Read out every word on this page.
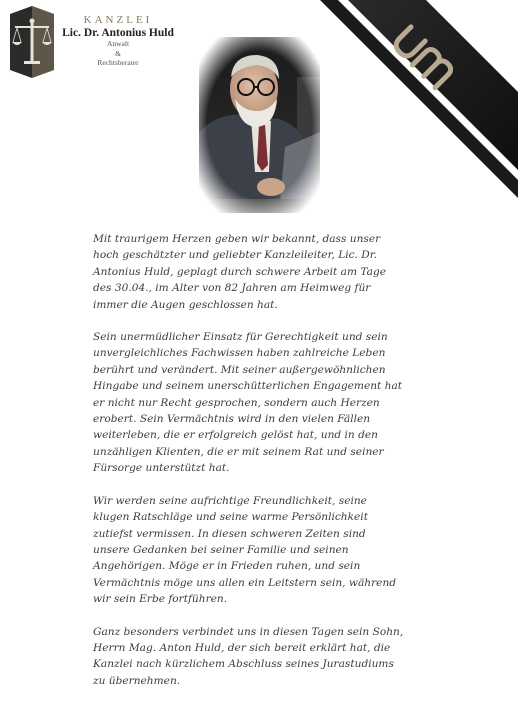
KANZLEI
Lic. Dr. Antonius Huld
Anwalt
&
Rechtsberater

Mit traurigem Herzen geben wir bekannt, dass unser hoch geschätzter und geliebter Kanzleileiter, Lic. Dr. Antonius Huld, geplagt durch schwere Arbeit am Tage des 30.04., im Alter von 82 Jahren am Heimweg für immer die Augen geschlossen hat.

Sein unermüdlicher Einsatz für Gerechtigkeit und sein unvergleichliches Fachwissen haben zahlreiche Leben berührt und verändert. Mit seiner außergewöhnlichen Hingabe und seinem unerschütterlichen Engagement hat er nicht nur Recht gesprochen, sondern auch Herzen erobert. Sein Vermächtnis wird in den vielen Fällen weiterleben, die er erfolgreich gelöst hat, und in den unzähligen Klienten, die er mit seinem Rat und seiner Fürsorge unterstützt hat.

Wir werden seine aufrichtige Freundlichkeit, seine klugen Ratschläge und seine warme Persönlichkeit zutiefst vermissen. In diesen schweren Zeiten sind unsere Gedanken bei seiner Familie und seinen Angehörigen. Möge er in Frieden ruhen, und sein Vermächtnis möge uns allen ein Leitstern sein, während wir sein Erbe fortführen.

Ganz besonders verbindet uns in diesen Tagen sein Sohn, Herrn Mag. Anton Huld, der sich bereit erklärt hat, die Kanzlei nach kürzlichem Abschluss seines Jurastudiums zu übernehmen.
